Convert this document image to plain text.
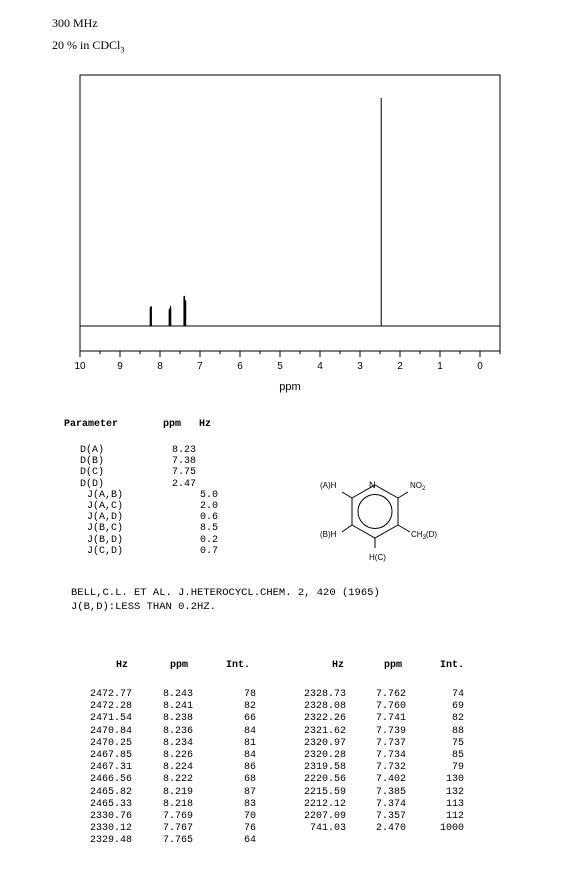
300 MHz
20 % in CDCl$_3$
10	9	8	7	6	5	4	3	2	1	0
ppm
Parameter	ppm Hz
D(A)	8.23
D(B)	7.38
D(C)	7.75
D(D)	2.47
J(A,B)	5.0
J(A,C)	2.0
J(A,D)	0.6
J(B,C)	8.5
J(B,D)	0.2
J(C,D)	0.7
N	$NO_2$
$CH_3(D)$
H(C)
(A)H
(B)H
BELL,C.L. ET AL. J.HETEROCYCL.CHEM. 2, 420 (1965)
J(B,D):LESS THAN 0.2HZ.
Hz	ppm	Int.
2472.77	8.243	78
2472.28	8.241	82
2471.54	8.238	66
2470.84	8.236	84
2470.25	8.234	81
2467.85	8.226	84
2467.31	8.224	86
2466.56	8.222	68
2465.82	8.219	87
2465.33	8.218	83
2330.76	7.769	70
2330.12	7.767	76
2329.48	7.765	64
Hz	ppm	Int.
2328.73	7.762	74
2328.08	7.760	69
2322.26	7.741	82
2321.62	7.739	88
2320.97	7.737	75
2320.28	7.734	85
2319.58	7.732	79
2220.56	7.402	130
2215.59	7.385	132
2212.12	7.374	113
2207.09	7.357	112
741.03	2.470	1000
